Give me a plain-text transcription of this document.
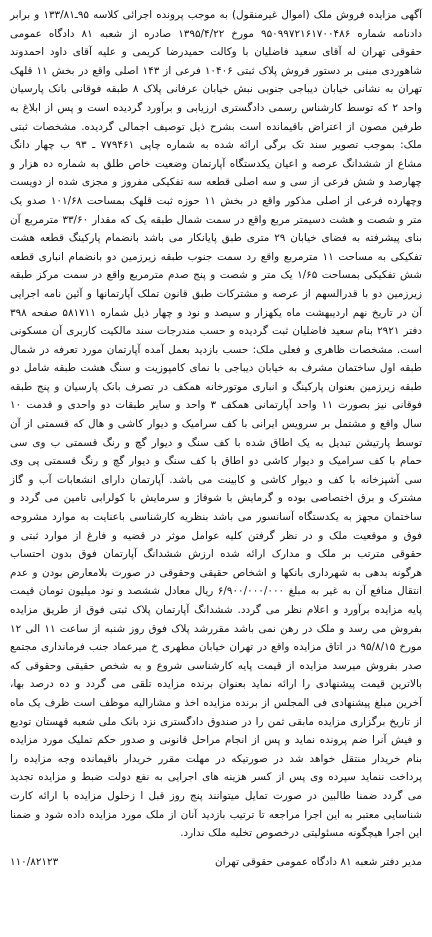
آگهی مزایده فروش ملک (اموال غیرمنقول) به موجب پرونده اجرائی کلاسه ۹۵ـ۱۳۳/۸۱ و برابر دادنامه شماره ۹۵۰۹۹۷۲۱۶۱۷۰۰۴۸۶ مورخ ۱۳۹۵/۴/۲۲ صادره از شعبه ۸۱ دادگاه عمومی حقوقی تهران له آقای سعید فاضلیان با وکالت حمیدرضا کریمی و علیه آقای داود احمدوند شاهوردی مبنی بر دستور فروش پلاک ثبتی ۱۰۴۰۶ فرعی از ۱۴۳ اصلی واقع در بخش ۱۱ قلهک تهران به نشانی خیابان دیباجی جنوبی نبش خیابان عرفانی پلاک ۸ طبقه فوقانی بانک پارسیان واحد ۲ که توسط کارشناس رسمی دادگستری ارزیابی و برآورد گردیده است و پس از ابلاغ به طرفین مصون از اعتراض باقیمانده است بشرح ذیل توصیف اجمالی گردیده. مشخصات ثبتی ملک: بموجب تصویر سند تک برگی ارائه شده به شماره چاپی ۷۷۹۴۶۱ ـ ۹۳ ب چهار دانگ مشاع از ششدانگ عرصه و اعیان یکدستگاه آپارتمان وضعیت خاص طلق به شماره ده هزار و چهارصد و شش فرعی از سی و سه اصلی قطعه سه تفکیکی مفروز و مجزی شده از دویست وچهارده فرعی از اصلی مذکور واقع در بخش ۱۱ حوزه ثبت قلهک بمساحت ۱۰۱/۶۸ صدو یک متر و شصت و هشت دسیمتر مربع واقع در سمت شمال طبقه یک که مقدار ۳۳/۶۰ مترمربع آن بنای پیشرفته به فضای خیابان ۲۹ متری طبق پایانکار می باشد بانضمام پارکینگ قطعه هشت تفکیکی به مساحت ۱۱ مترمربع واقع رد سمت جنوب طبقه زیرزمین دو بانضمام انباری قطعه شش تفکیکی بمساحت ۱/۶۵ یک متر و شصت و پنج صدم مترمربع واقع در سمت مرکز طبقه زیرزمین دو با قدرالسهم از عرصه و مشترکات طبق قانون تملک آپارتمانها و آئین نامه اجرایی آن در تاریخ نهم اردیبهشت ماه یکهزار و سیصد و نود و چهار ذیل شماره ۵۸۱۷۱۱ صفحه ۳۹۸ دفتر ۲۹۲۱ بنام سعید فاضلیان ثبت گردیده و حسب مندرجات سند مالکیت کاربری آن مسکونی است. مشخصات ظاهری و فعلی ملک: حسب بازدید بعمل آمده آپارتمان مورد تعرفه در شمال طبقه اول ساختمان مشرف به خیابان دیباجی با نمای کامپوزیت و سنگ هشت طبقه شامل دو طبقه زیرزمین بعنوان پارکینگ و انباری موتورخانه همکف در تصرف بانک پارسیان و پنج طبقه فوقانی نیز بصورت ۱۱ واحد آپارتمانی همکف ۳ واحد و سایر طبقات دو واحدی و قدمت ۱۰ سال واقع و مشتمل بر سرویس ایرانی با کف سرامیک و دیوار کاشی و هال که قسمتی از آن توسط پارتیشن تبدیل به یک اطاق شده با کف سنگ و دیوار گچ و رنگ قسمتی ب وی سی حمام با کف سرامیک و دیوار کاشی دو اطاق با کف سنگ و دیوار گچ و رنگ قسمتی پی وی سی آشپزخانه با کف و دیوار کاشی و کابینت می باشد. آپارتمان دارای انشعابات آب و گاز مشترک و برق اختصاصی بوده و گرمایش با شوفاژ و سرمایش با کولرابی تامین می گردد و ساختمان مجهز به یکدستگاه آسانسور می باشد بنظریه کارشناسی باعنایت به موارد مشروحه فوق و موقعیت ملک و در نظر گرفتن کلیه عوامل موثر در قضیه و فارغ از موارد ثبتی و حقوقی مترتب بر ملک و مدارک ارائه شده ارزش ششدانگ آپارتمان فوق بدون احتساب هرگونه بدهی به شهرداری بانکها و اشخاص حقیقی وحقوقی در صورت بلامعارض بودن و عدم انتقال منافع آن به غیر به مبلغ ۶/۹۰۰/۰۰۰/۰۰۰ ریال معادل ششصد و نود میلیون تومان قیمت پایه مزایده برآورد و اعلام نظر می گردد. ششدانگ آپارتمان پلاک ثبتی فوق از طریق مزایده بفروش می رسد و ملک در رهن نمی باشد مقررشد پلاک فوق روز شنبه از ساعت ۱۱ الی ۱۲ مورخ ۹۵/۸/۱۵ در اتاق مزایده واقع در تهران خیابان مطهری خ میرعماد جنب فرمانداری مجتمع صدر بفروش میرسد مزایده از قیمت پایه کارشناسی شروع و به شخص حقیقی وحقوقی که بالاترین قیمت پیشنهادی را ارائه نماید بعنوان برنده مزایده تلقی می گردد و ده درصد بها، آخرین مبلغ پیشنهادی فی المجلس از برنده مزایده اخذ و مشارالیه موظف است ظرف یک ماه از تاریخ برگزاری مزایده مابقی ثمن را در صندوق دادگستری نزد بانک ملی شعبه قهستان تودیع و فیش آنرا ضم پرونده نماید و پس از انجام مراحل قانونی و صدور حکم تملیک مورد مزایده بنام خریدار منتقل خواهد شد در صورتیکه در مهلت مقرر خریدار باقیمانده وجه مزایده را پرداخت ننماید سپرده وی پس از کسر هزینه های اجرایی به نفع دولت ضبط و مزایده تجدید می گردد ضمنا طالبین در صورت تمایل میتوانند پنج روز قبل ا زحلول مزایده با ارائه کارت شناسایی معتبر به این اجرا مراجعه تا ترتیب بازدید آنان از ملک مورد مزایده داده شود و ضمنا این اجرا هیچگونه مسئولیتی درخصوص تخلیه ملک ندارد.
مدیر دفتر شعبه ۸۱ دادگاه عمومی حقوقی تهران
۱۱۰/۸۲۱۲۳
